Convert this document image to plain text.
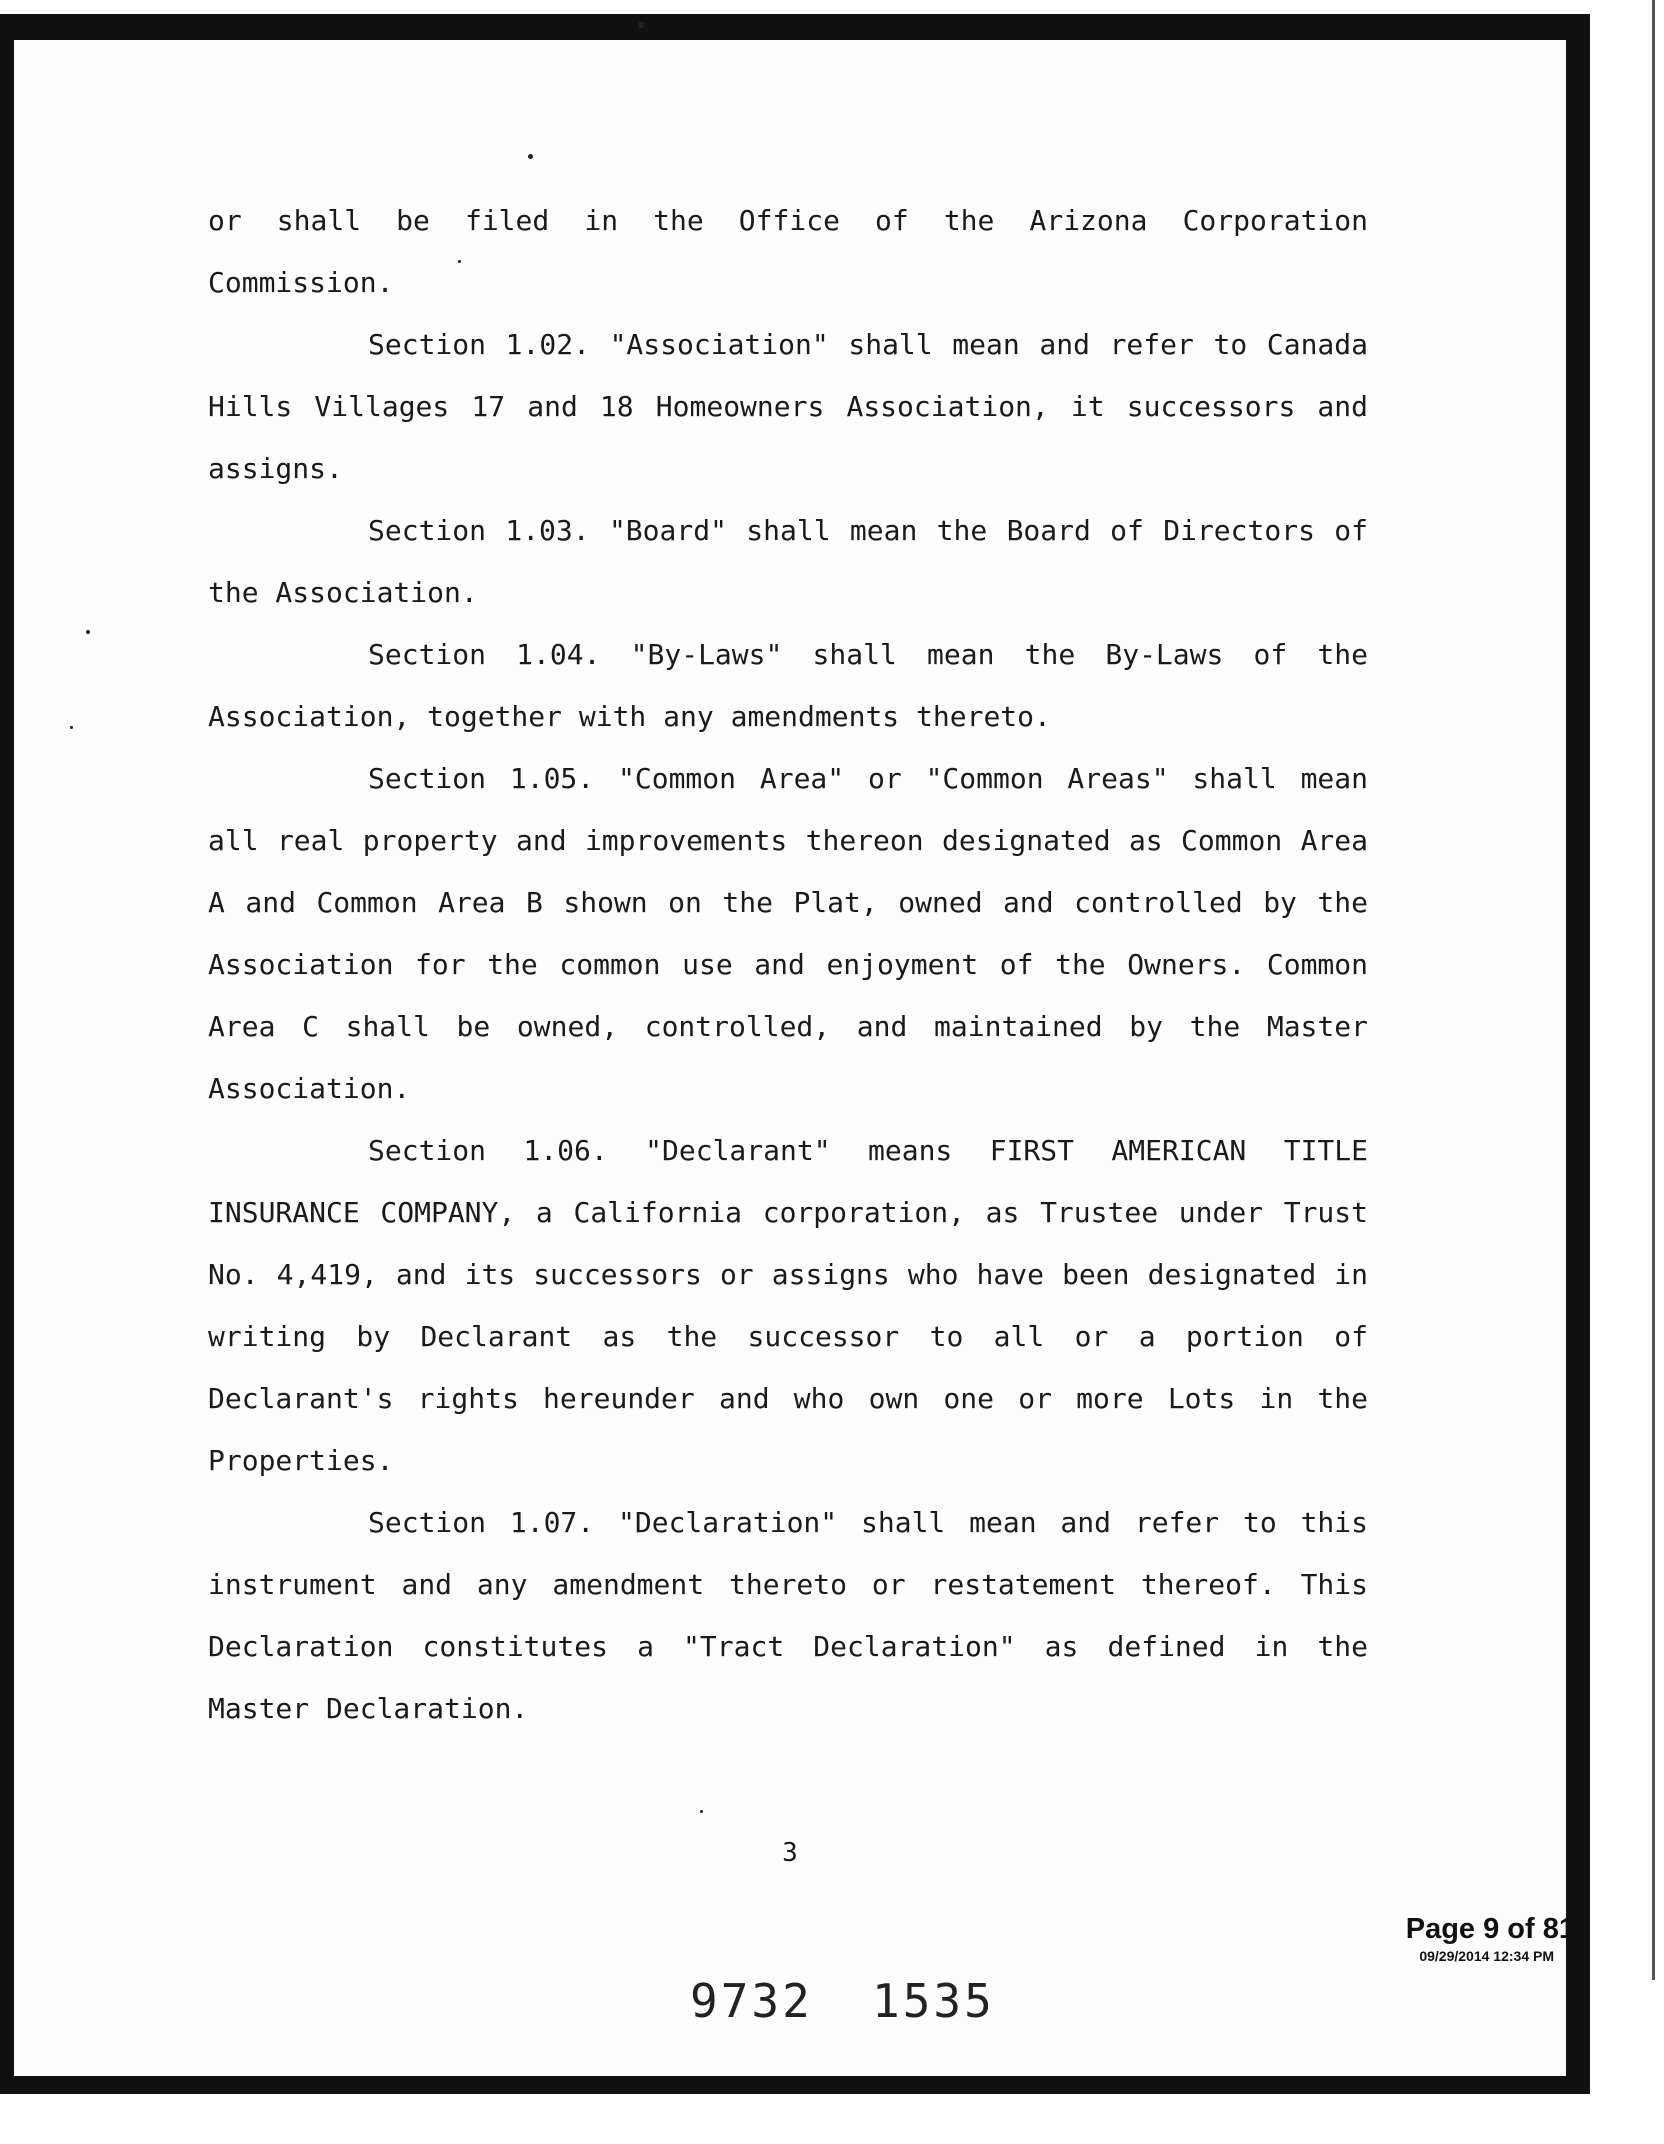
or shall be filed in the Office of the Arizona Corporation Commission.

Section 1.02. "Association" shall mean and refer to Canada Hills Villages 17 and 18 Homeowners Association, it successors and assigns.

Section 1.03. "Board" shall mean the Board of Directors of the Association.

Section 1.04. "By-Laws" shall mean the By-Laws of the Association, together with any amendments thereto.

Section 1.05. "Common Area" or "Common Areas" shall mean all real property and improvements thereon designated as Common Area A and Common Area B shown on the Plat, owned and controlled by the Association for the common use and enjoyment of the Owners. Common Area C shall be owned, controlled, and maintained by the Master Association.

Section 1.06. "Declarant" means FIRST AMERICAN TITLE INSURANCE COMPANY, a California corporation, as Trustee under Trust No. 4,419, and its successors or assigns who have been designated in writing by Declarant as the successor to all or a portion of Declarant's rights hereunder and who own one or more Lots in the Properties.

Section 1.07. "Declaration" shall mean and refer to this instrument and any amendment thereto or restatement thereof. This Declaration constitutes a "Tract Declaration" as defined in the Master Declaration.

3
Page 9 of 81
09/29/2014 12:34 PM
9732 1535
